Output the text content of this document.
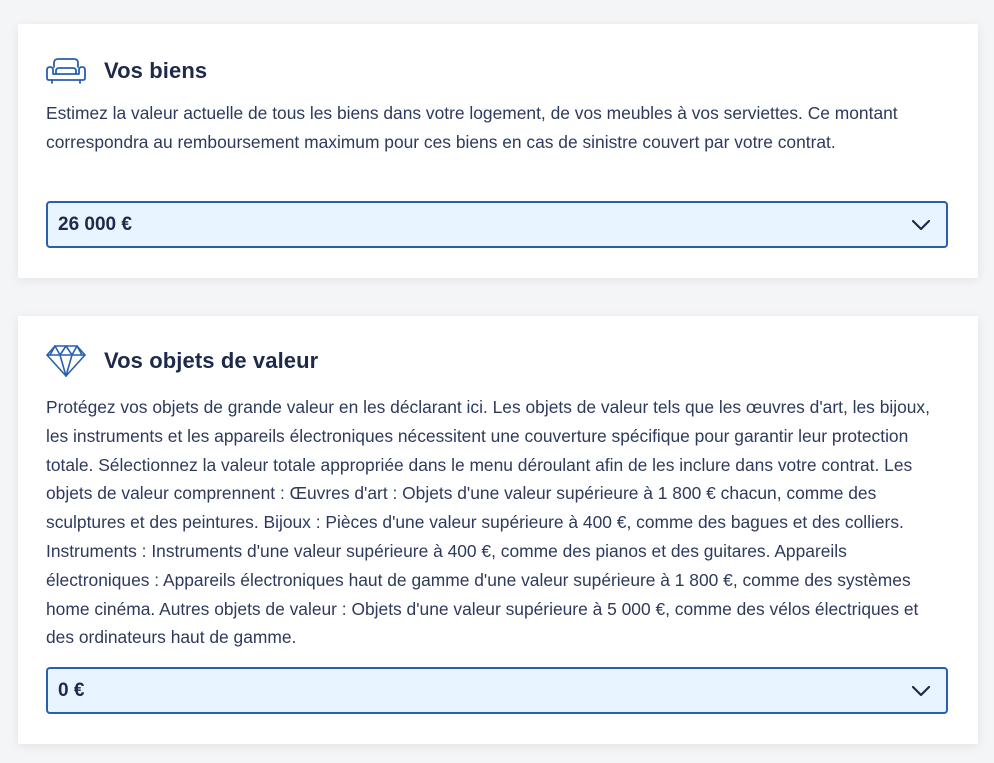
Vos biens

Estimez la valeur actuelle de tous les biens dans votre logement, de vos meubles à vos serviettes. Ce montant correspondra au remboursement maximum pour ces biens en cas de sinistre couvert par votre contrat.

26 000 €
Vos objets de valeur

Protégez vos objets de grande valeur en les déclarant ici. Les objets de valeur tels que les œuvres d'art, les bijoux, les instruments et les appareils électroniques nécessitent une couverture spécifique pour garantir leur protection totale. Sélectionnez la valeur totale appropriée dans le menu déroulant afin de les inclure dans votre contrat. Les objets de valeur comprennent : Œuvres d'art : Objets d'une valeur supérieure à 1 800 € chacun, comme des sculptures et des peintures. Bijoux : Pièces d'une valeur supérieure à 400 €, comme des bagues et des colliers. Instruments : Instruments d'une valeur supérieure à 400 €, comme des pianos et des guitares. Appareils électroniques : Appareils électroniques haut de gamme d'une valeur supérieure à 1 800 €, comme des systèmes home cinéma. Autres objets de valeur : Objets d'une valeur supérieure à 5 000 €, comme des vélos électriques et des ordinateurs haut de gamme.

0 €
